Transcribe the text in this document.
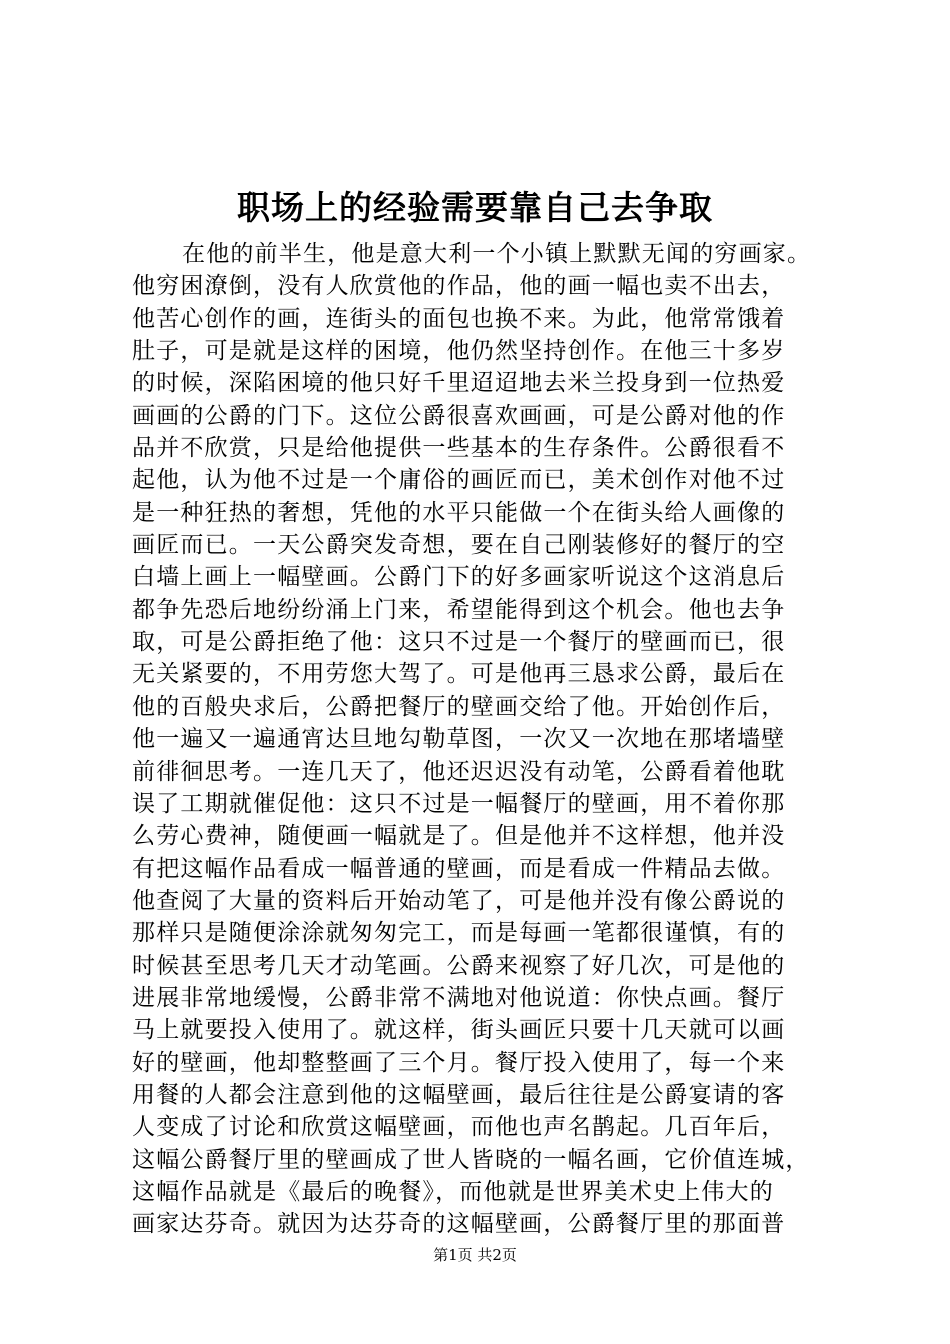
职场上的经验需要靠自己去争取
在他的前半生，他是意大利一个小镇上默默无闻的穷画家。
他穷困潦倒，没有人欣赏他的作品，他的画一幅也卖不出去，
他苦心创作的画，连街头的面包也换不来。为此，他常常饿着
肚子，可是就是这样的困境，他仍然坚持创作。在他三十多岁
的时候，深陷困境的他只好千里迢迢地去米兰投身到一位热爱
画画的公爵的门下。这位公爵很喜欢画画，可是公爵对他的作
品并不欣赏，只是给他提供一些基本的生存条件。公爵很看不
起他，认为他不过是一个庸俗的画匠而已，美术创作对他不过
是一种狂热的奢想，凭他的水平只能做一个在街头给人画像的
画匠而已。一天公爵突发奇想，要在自己刚装修好的餐厅的空
白墙上画上一幅壁画。公爵门下的好多画家听说这个这消息后
都争先恐后地纷纷涌上门来，希望能得到这个机会。他也去争
取，可是公爵拒绝了他：这只不过是一个餐厅的壁画而已，很
无关紧要的，不用劳您大驾了。可是他再三恳求公爵，最后在
他的百般央求后，公爵把餐厅的壁画交给了他。开始创作后，
他一遍又一遍通宵达旦地勾勒草图，一次又一次地在那堵墙壁
前徘徊思考。一连几天了，他还迟迟没有动笔，公爵看着他耽
误了工期就催促他：这只不过是一幅餐厅的壁画，用不着你那
么劳心费神，随便画一幅就是了。但是他并不这样想，他并没
有把这幅作品看成一幅普通的壁画，而是看成一件精品去做。
他查阅了大量的资料后开始动笔了，可是他并没有像公爵说的
那样只是随便涂涂就匆匆完工，而是每画一笔都很谨慎，有的
时候甚至思考几天才动笔画。公爵来视察了好几次，可是他的
进展非常地缓慢，公爵非常不满地对他说道：你快点画。餐厅
马上就要投入使用了。就这样，街头画匠只要十几天就可以画
好的壁画，他却整整画了三个月。餐厅投入使用了，每一个来
用餐的人都会注意到他的这幅壁画，最后往往是公爵宴请的客
人变成了讨论和欣赏这幅壁画，而他也声名鹊起。几百年后，
这幅公爵餐厅里的壁画成了世人皆晓的一幅名画，它价值连城，
这幅作品就是《最后的晚餐》，而他就是世界美术史上伟大的
画家达芬奇。就因为达芬奇的这幅壁画，公爵餐厅里的那面普
第1页 共2页
